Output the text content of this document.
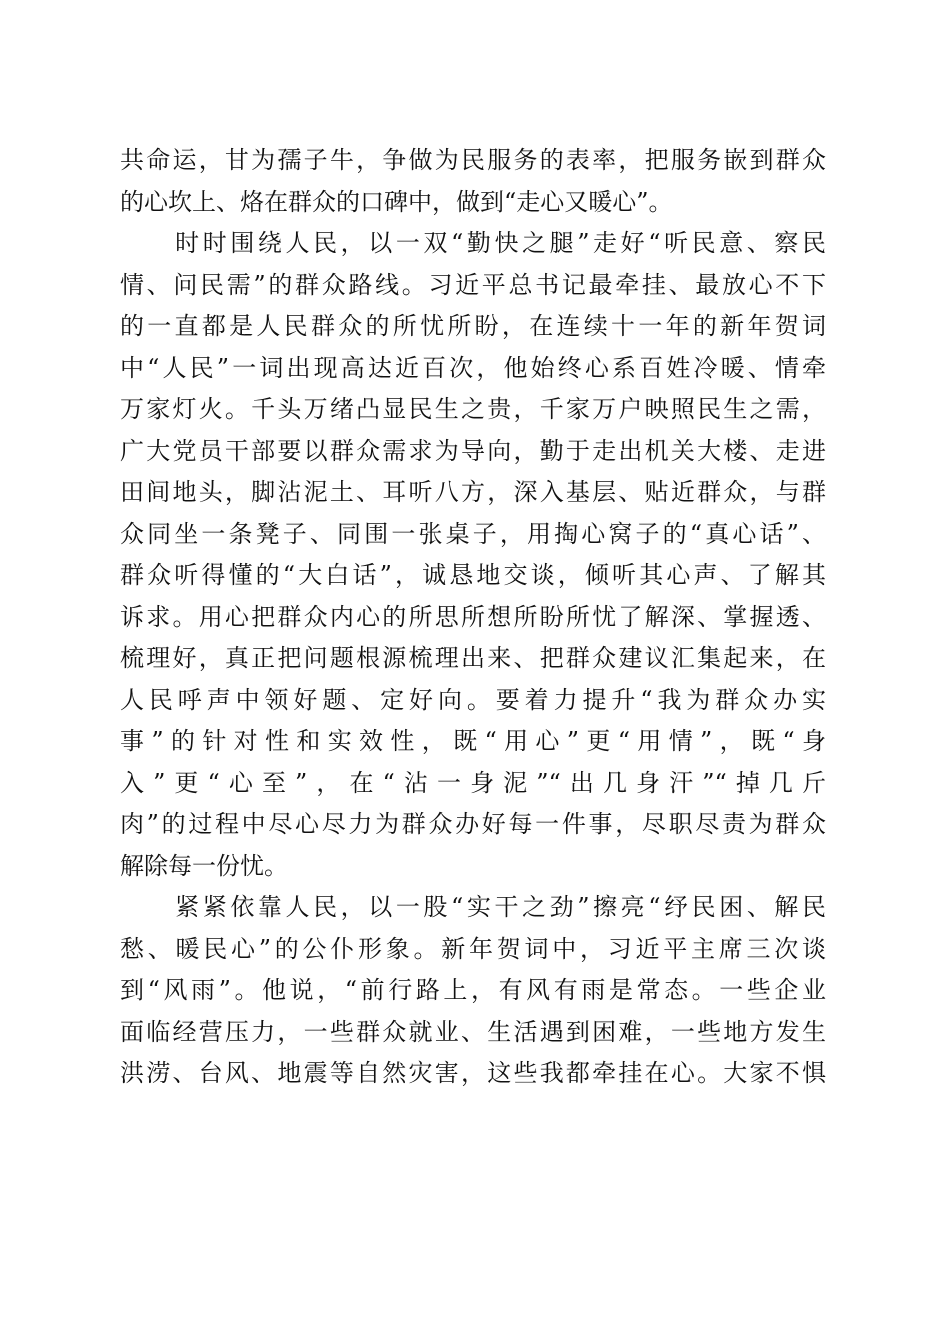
共命运，甘为孺子牛，争做为民服务的表率，把服务嵌到群众
的心坎上、烙在群众的口碑中，做到“走心又暖心”。
　　时时围绕人民，以一双“勤快之腿”走好“听民意、察民
情、问民需”的群众路线。习近平总书记最牵挂、最放心不下
的一直都是人民群众的所忧所盼，在连续十一年的新年贺词
中“人民”一词出现高达近百次，他始终心系百姓冷暖、情牵
万家灯火。千头万绪凸显民生之贵，千家万户映照民生之需，
广大党员干部要以群众需求为导向，勤于走出机关大楼、走进
田间地头，脚沾泥土、耳听八方，深入基层、贴近群众，与群
众同坐一条凳子、同围一张桌子，用掏心窝子的“真心话”、
群众听得懂的“大白话”，诚恳地交谈，倾听其心声、了解其
诉求。用心把群众内心的所思所想所盼所忧了解深、掌握透、
梳理好，真正把问题根源梳理出来、把群众建议汇集起来，在
人民呼声中领好题、定好向。要着力提升“我为群众办实
事”的针对性和实效性，既“用心”更“用情”，既“身
入”更“心至”，在“沾一身泥”“出几身汗”“掉几斤
肉”的过程中尽心尽力为群众办好每一件事，尽职尽责为群众
解除每一份忧。
　　紧紧依靠人民，以一股“实干之劲”擦亮“纾民困、解民
愁、暖民心”的公仆形象。新年贺词中，习近平主席三次谈
到“风雨”。他说，“前行路上，有风有雨是常态。一些企业
面临经营压力，一些群众就业、生活遇到困难，一些地方发生
洪涝、台风、地震等自然灾害，这些我都牵挂在心。大家不惧
